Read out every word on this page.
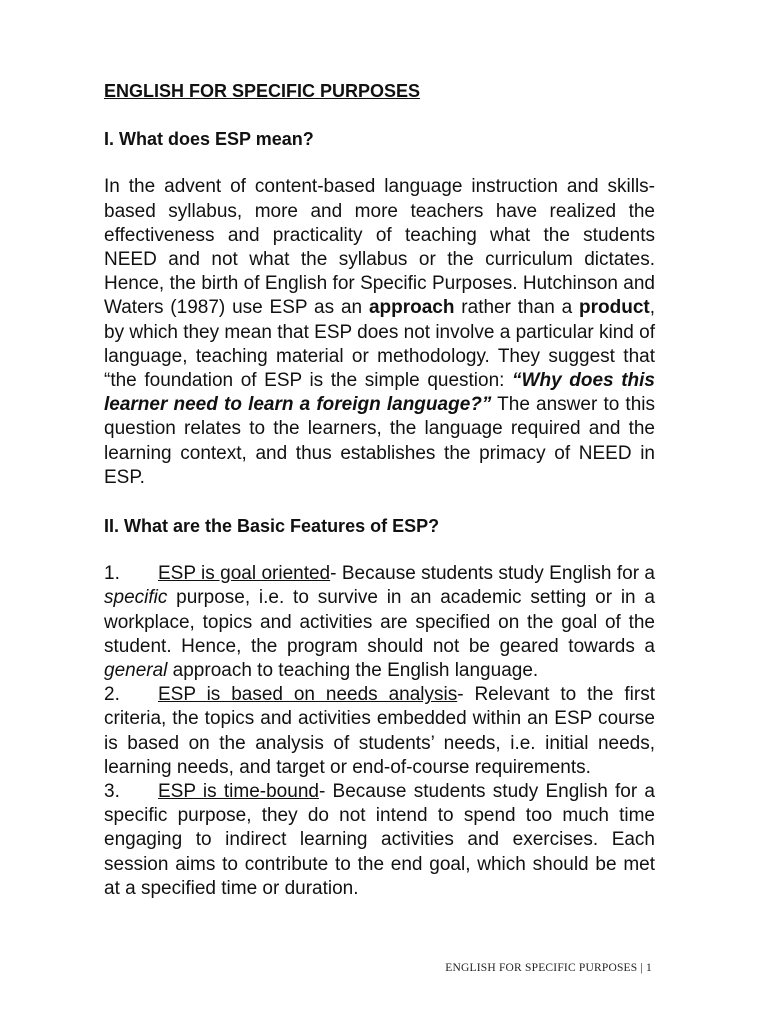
ENGLISH FOR SPECIFIC PURPOSES

I. What does ESP mean?

In the advent of content-based language instruction and skills-based syllabus, more and more teachers have realized the effectiveness and practicality of teaching what the students NEED and not what the syllabus or the curriculum dictates. Hence, the birth of English for Specific Purposes. Hutchinson and Waters (1987) use ESP as an approach rather than a product, by which they mean that ESP does not involve a particular kind of language, teaching material or methodology. They suggest that “the foundation of ESP is the simple question: “Why does this learner need to learn a foreign language?” The answer to this question relates to the learners, the language required and the learning context, and thus establishes the primacy of NEED in ESP.

II. What are the Basic Features of ESP?

1. ESP is goal oriented- Because students study English for a specific purpose, i.e. to survive in an academic setting or in a workplace, topics and activities are specified on the goal of the student. Hence, the program should not be geared towards a general approach to teaching the English language.

2. ESP is based on needs analysis- Relevant to the first criteria, the topics and activities embedded within an ESP course is based on the analysis of students’ needs, i.e. initial needs, learning needs, and target or end-of-course requirements.

3. ESP is time-bound- Because students study English for a specific purpose, they do not intend to spend too much time engaging to indirect learning activities and exercises. Each session aims to contribute to the end goal, which should be met at a specified time or duration.

ENGLISH FOR SPECIFIC PURPOSES | 1
